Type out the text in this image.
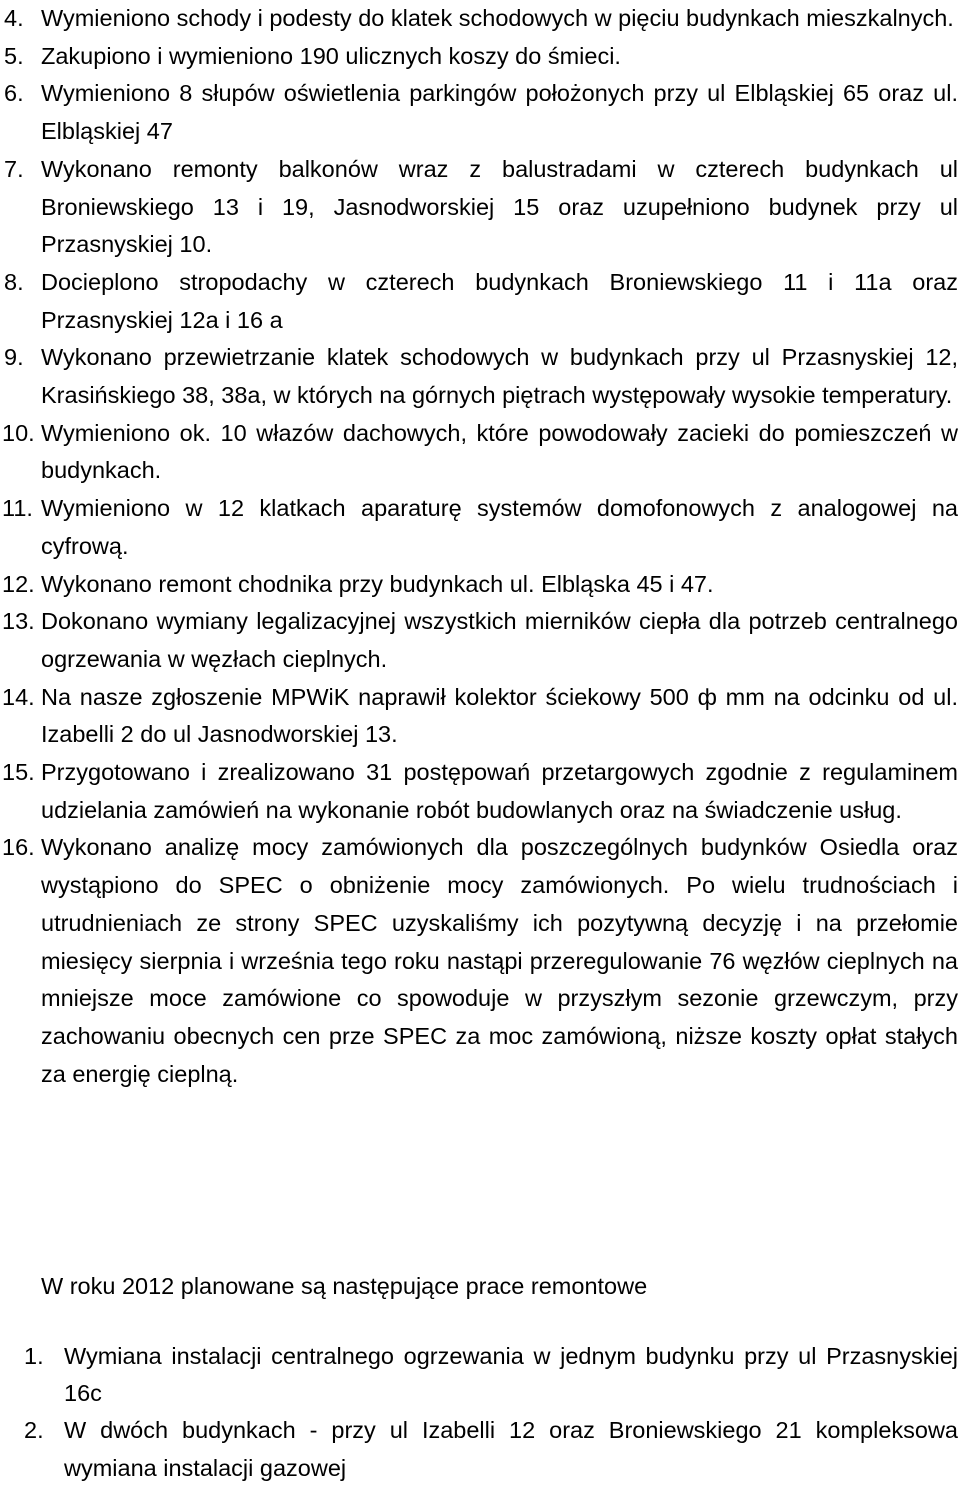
4. Wymieniono schody i podesty do klatek schodowych w pięciu budynkach mieszkalnych.
5. Zakupiono i wymieniono 190 ulicznych koszy do śmieci.
6. Wymieniono 8 słupów oświetlenia parkingów położonych przy ul Elbląskiej 65 oraz ul. Elbląskiej 47
7. Wykonano remonty balkonów wraz z balustradami w czterech budynkach ul Broniewskiego 13 i 19, Jasnodworskiej 15 oraz uzupełniono budynek przy ul Przasnyskiej 10.
8. Docieplono stropodachy w czterech budynkach Broniewskiego 11 i 11a oraz Przasnyskiej 12a i 16 a
9. Wykonano przewietrzanie klatek schodowych w budynkach przy ul Przasnyskiej 12, Krasińskiego 38, 38a, w których na górnych piętrach występowały wysokie temperatury.
10. Wymieniono ok. 10 włazów dachowych, które powodowały zacieki do pomieszczeń w budynkach.
11. Wymieniono w 12 klatkach aparaturę systemów domofonowych z analogowej na cyfrową.
12. Wykonano remont chodnika przy budynkach ul. Elbląska 45 i 47.
13. Dokonano wymiany legalizacyjnej wszystkich mierników ciepła dla potrzeb centralnego ogrzewania w węzłach cieplnych.
14. Na nasze zgłoszenie MPWiK naprawił kolektor ściekowy 500 ф mm na odcinku od ul. Izabelli 2 do ul Jasnodworskiej 13.
15. Przygotowano i zrealizowano 31 postępowań przetargowych zgodnie z regulaminem udzielania zamówień na wykonanie robót budowlanych oraz na świadczenie usług.
16. Wykonano analizę mocy zamówionych dla poszczególnych budynków Osiedla oraz wystąpiono do SPEC o obniżenie mocy zamówionych. Po wielu trudnościach i utrudnieniach ze strony SPEC uzyskaliśmy ich pozytywną decyzję i na przełomie miesięcy sierpnia i września tego roku nastąpi przeregulowanie 76 węzłów cieplnych na mniejsze moce zamówione co spowoduje w przyszłym sezonie grzewczym, przy zachowaniu obecnych cen prze SPEC za moc zamówioną, niższe koszty opłat stałych za energię cieplną.
W roku 2012 planowane są następujące prace remontowe
1. Wymiana instalacji centralnego ogrzewania w jednym budynku przy ul Przasnyskiej 16c
2. W dwóch budynkach - przy ul Izabelli 12 oraz Broniewskiego 21 kompleksowa wymiana instalacji gazowej
